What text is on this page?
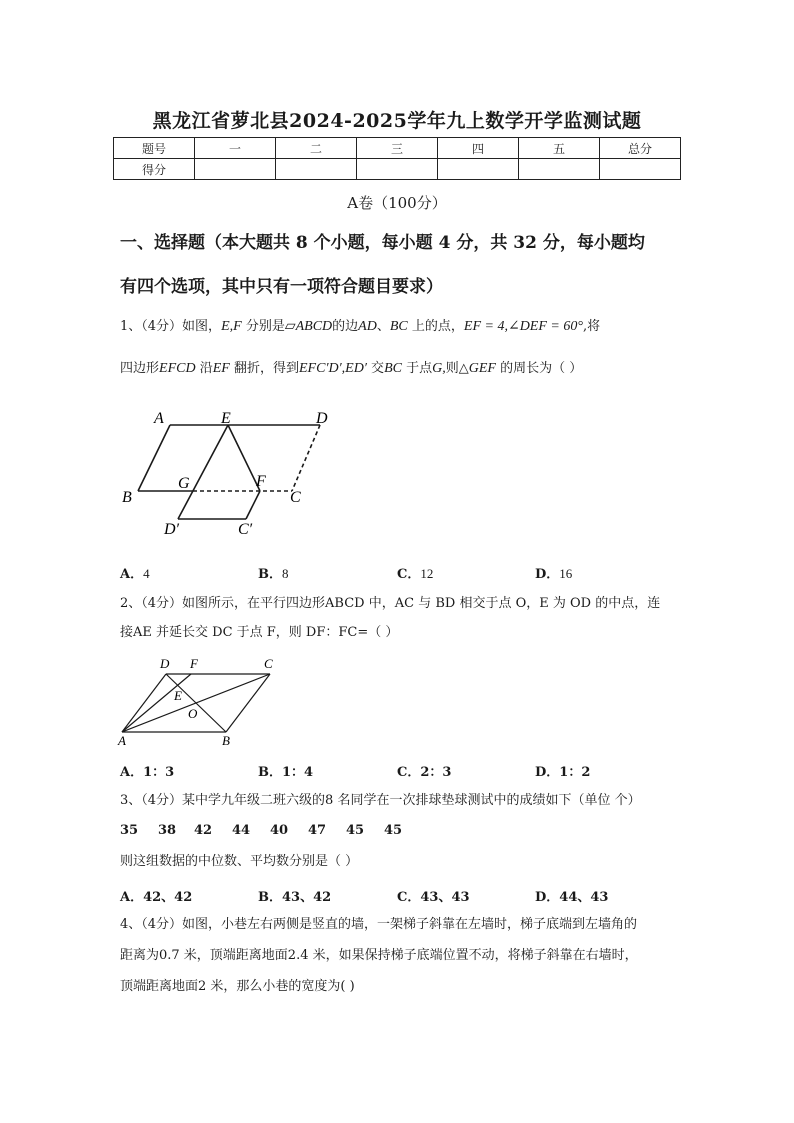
黑龙江省萝北县2024-2025学年九上数学开学监测试题
题号	一	二	三	四	五	总分
得分						
A卷（100分）
一、选择题（本大题共 8 个小题，每小题 4 分，共 32 分，每小题均
有四个选项，其中只有一项符合题目要求）
1、（4分）如图，E,F 分别是▱ABCD的边AD、BC 上的点，EF = 4,∠DEF = 60°,将
四边形EFCD 沿EF 翻折，得到EFC′D′,ED′ 交BC 于点G,则△GEF 的周长为（ ）
A	E	D
B
G	F
C
D′	C′
A．4	B．8	C．12	D．16
2、（4分）如图所示，在平行四边形ABCD 中，AC 与 BD 相交于点 O，E 为 OD 的中点，连
接AE 并延长交 DC 于点 F，则 DF：FC=（ ）
D F	C
E
O
A	B
A．1：3	B．1：4	C．2：3	D．1：2
3、（4分）某中学九年级二班六级的8 名同学在一次排球垫球测试中的成绩如下（单位 个）
35 38 42 44 40 47 45 45
则这组数据的中位数、平均数分别是（ ）
A．42、42	B．43、42	C．43、43	D．44、43
4、（4分）如图，小巷左右两侧是竖直的墙，一架梯子斜靠在左墙时，梯子底端到左墙角的
距离为0.7 米，顶端距离地面2.4 米，如果保持梯子底端位置不动，将梯子斜靠在右墙时，
顶端距离地面2 米，那么小巷的宽度为( )
